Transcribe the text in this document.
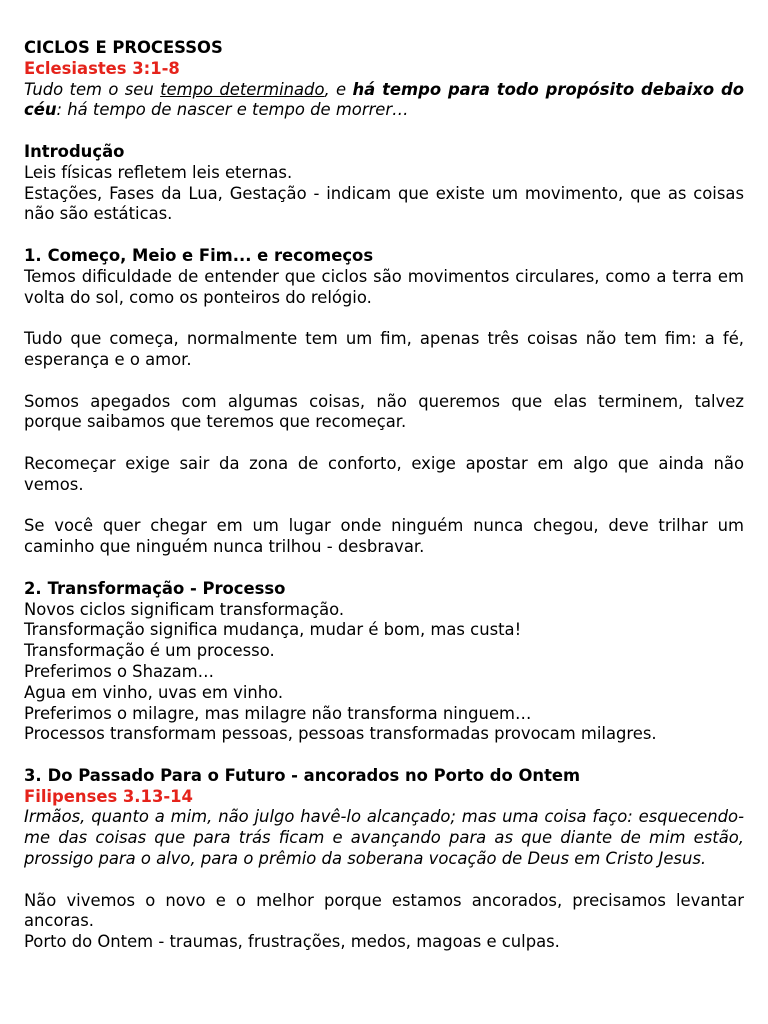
CICLOS E PROCESSOS

Eclesiastes 3:1-8

Tudo tem o seu tempo determinado, e há tempo para todo propósito debaixo do céu: há tempo de nascer e tempo de morrer…

Introdução

Leis físicas refletem leis eternas.

Estações, Fases da Lua, Gestação - indicam que existe um movimento, que as coisas não são estáticas.

1. Começo, Meio e Fim... e recomeços

Temos dificuldade de entender que ciclos são movimentos circulares, como a terra em volta do sol, como os ponteiros do relógio.

Tudo que começa, normalmente tem um fim, apenas três coisas não tem fim: a fé, esperança e o amor.

Somos apegados com algumas coisas, não queremos que elas terminem, talvez porque saibamos que teremos que recomeçar.

Recomeçar exige sair da zona de conforto, exige apostar em algo que ainda não vemos.

Se você quer chegar em um lugar onde ninguém nunca chegou, deve trilhar um caminho que ninguém nunca trilhou - desbravar.

2. Transformação - Processo

Novos ciclos significam transformação.

Transformação significa mudança, mudar é bom, mas custa!

Transformação é um processo.

Preferimos o Shazam…

Agua em vinho, uvas em vinho.

Preferimos o milagre, mas milagre não transforma ninguem…

Processos transformam pessoas, pessoas transformadas provocam milagres.

3. Do Passado Para o Futuro - ancorados no Porto do Ontem

Filipenses 3.13-14

Irmãos, quanto a mim, não julgo havê-lo alcançado; mas uma coisa faço: esquecendo-me das coisas que para trás ficam e avançando para as que diante de mim estão, prossigo para o alvo, para o prêmio da soberana vocação de Deus em Cristo Jesus.

Não vivemos o novo e o melhor porque estamos ancorados, precisamos levantar ancoras.

Porto do Ontem - traumas, frustrações, medos, magoas e culpas.
